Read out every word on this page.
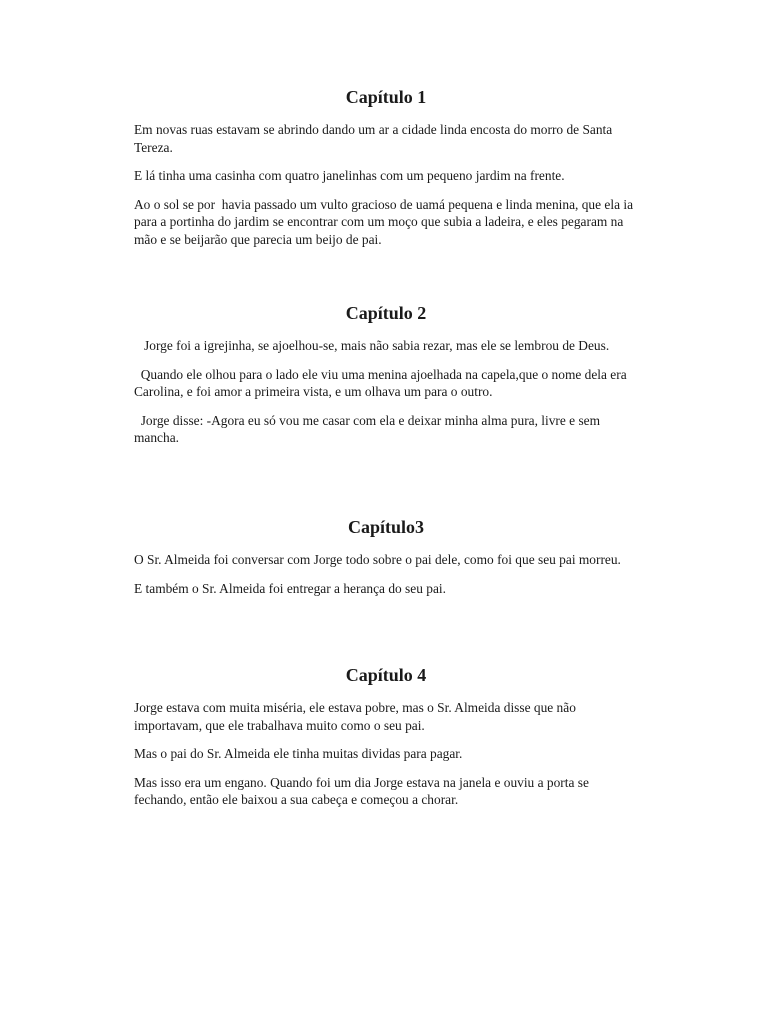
Capítulo 1

Em novas ruas estavam se abrindo dando um ar a cidade linda encosta do morro de Santa Tereza.

E lá tinha uma casinha com quatro janelinhas com um pequeno jardim na frente.

Ao o sol se por  havia passado um vulto gracioso de uamá pequena e linda menina, que ela ia para a portinha do jardim se encontrar com um moço que subia a ladeira, e eles pegaram na mão e se beijarão que parecia um beijo de pai.

Capítulo 2

Jorge foi a igrejinha, se ajoelhou-se, mais não sabia rezar, mas ele se lembrou de Deus.

Quando ele olhou para o lado ele viu uma menina ajoelhada na capela,que o nome dela era Carolina, e foi amor a primeira vista, e um olhava um para o outro.

Jorge disse: -Agora eu só vou me casar com ela e deixar minha alma pura, livre e sem mancha.

Capítulo3

O Sr. Almeida foi conversar com Jorge todo sobre o pai dele, como foi que seu pai morreu.

E também o Sr. Almeida foi entregar a herança do seu pai.

Capítulo 4

Jorge estava com muita miséria, ele estava pobre, mas o Sr. Almeida disse que não importavam, que ele trabalhava muito como o seu pai.

Mas o pai do Sr. Almeida ele tinha muitas dividas para pagar.

Mas isso era um engano. Quando foi um dia Jorge estava na janela e ouviu a porta se fechando, então ele baixou a sua cabeça e começou a chorar.
